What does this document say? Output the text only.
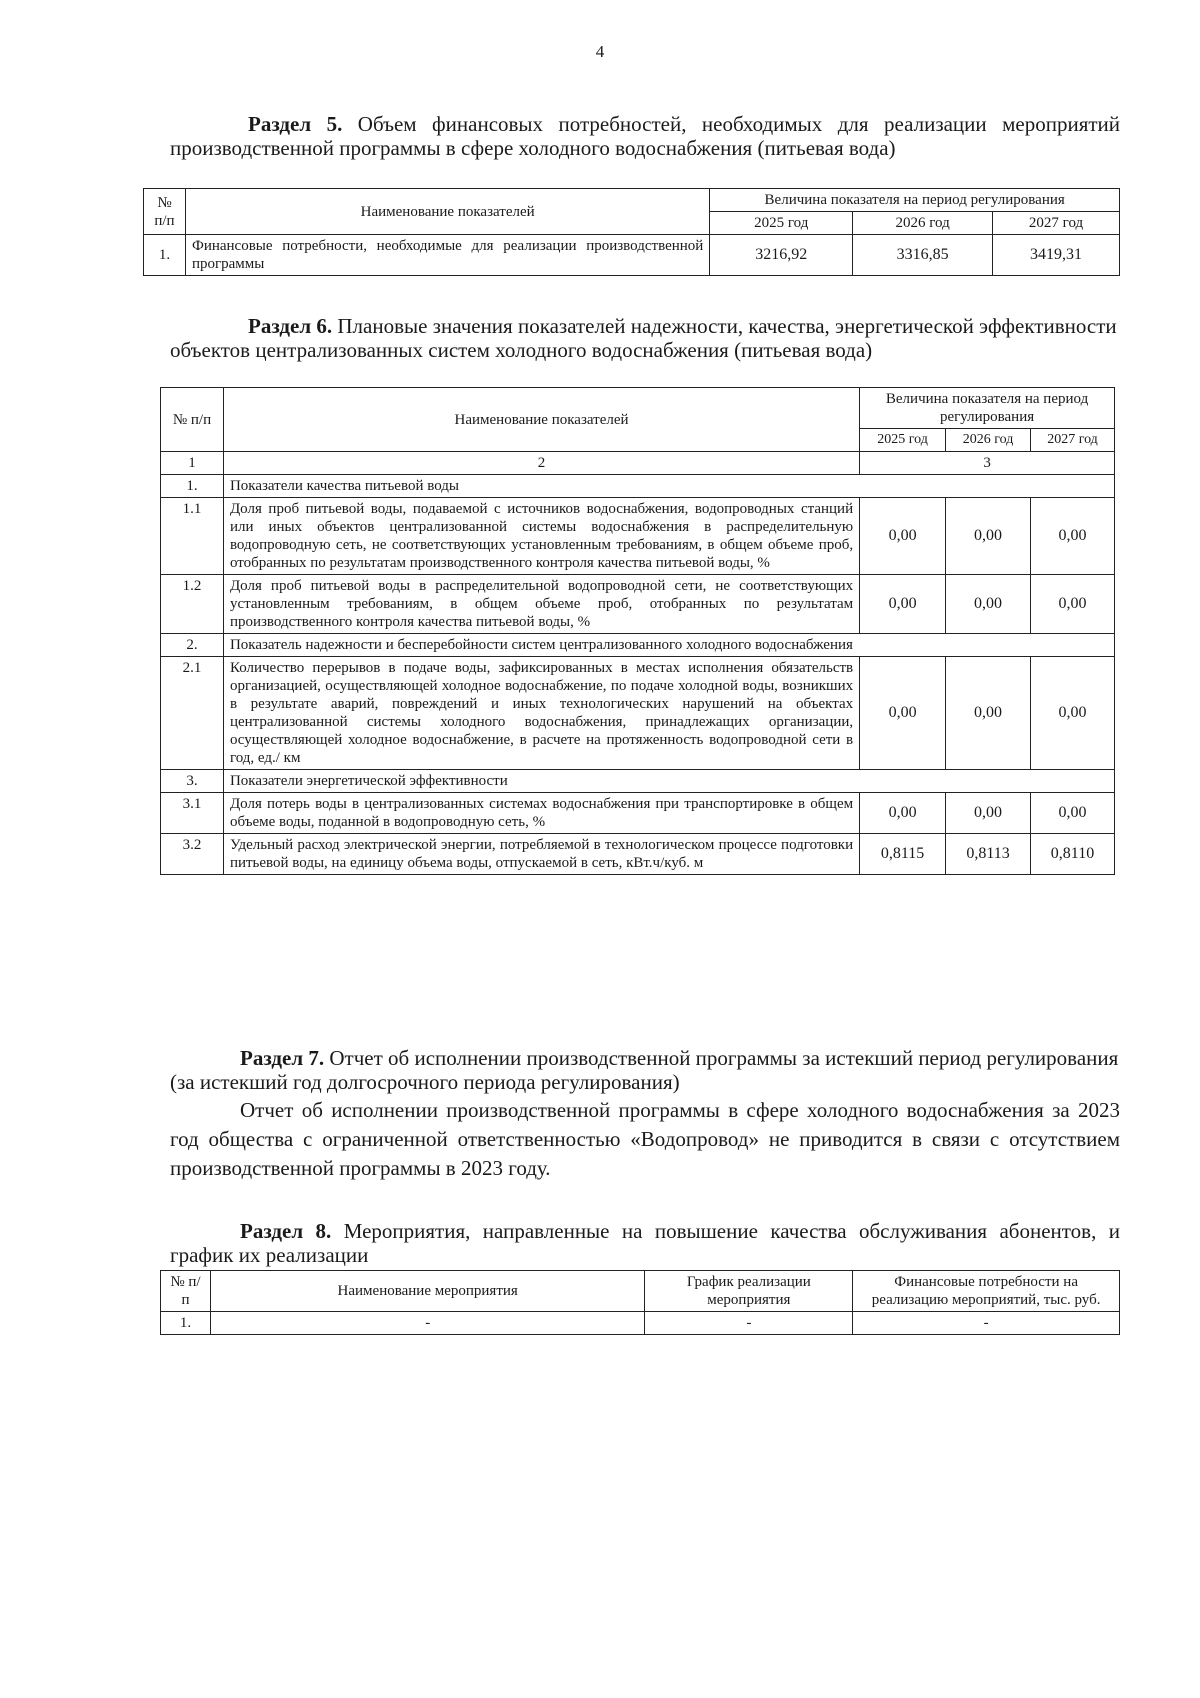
4
Раздел 5. Объем финансовых потребностей, необходимых для реализации мероприятий производственной программы в сфере холодного водоснабжения (питьевая вода)
№ п/п	Наименование показателей	Величина показателя на период регулирования		
		2025 год	2026 год	2027 год
1.	Финансовые потребности, необходимые для реализации производственной программы	3216,92	3316,85	3419,31
Раздел 6. Плановые значения показателей надежности, качества, энергетической эффективности объектов централизованных систем холодного водоснабжения (питьевая вода)
№ п/п	Наименование показателей	Величина показателя на период регулирования		
		2025 год	2026 год	2027 год
1	2	3		
1.	Показатели качества питьевой воды			
1.1	Доля проб питьевой воды, подаваемой с источников водоснабжения, водопроводных станций или иных объектов централизованной системы водоснабжения в распределительную водопроводную сеть, не соответствующих установленным требованиям, в общем объеме проб, отобранных по результатам производственного контроля качества питьевой воды, %	0,00	0,00	0,00
1.2	Доля проб питьевой воды в распределительной водопроводной сети, не соответствующих установленным требованиям, в общем объеме проб, отобранных по результатам производственного контроля качества питьевой воды, %	0,00	0,00	0,00
2.	Показатель надежности и бесперебойности систем централизованного холодного водоснабжения			
2.1	Количество перерывов в подаче воды, зафиксированных в местах исполнения обязательств организацией, осуществляющей холодное водоснабжение, по подаче холодной воды, возникших в результате аварий, повреждений и иных технологических нарушений на объектах централизованной системы холодного водоснабжения, принадлежащих организации, осуществляющей холодное водоснабжение, в расчете на протяженность водопроводной сети в год, ед./ км	0,00	0,00	0,00
3.	Показатели энергетической эффективности			
3.1	Доля потерь воды в централизованных системах водоснабжения при транспортировке в общем объеме воды, поданной в водопроводную сеть, %	0,00	0,00	0,00
3.2	Удельный расход электрической энергии, потребляемой в технологическом процессе подготовки питьевой воды, на единицу объема воды, отпускаемой в сеть, кВт.ч/куб. м	0,8115	0,8113	0,8110
Раздел 7. Отчет об исполнении производственной программы за истекший период регулирования (за истекший год долгосрочного периода регулирования)
Отчет об исполнении производственной программы в сфере холодного водоснабжения за 2023 год общества с ограниченной ответственностью «Водопровод» не приводится в связи с отсутствием производственной программы в 2023 году.
Раздел 8. Мероприятия, направленные на повышение качества обслуживания абонентов, и график их реализации
№ п/п	Наименование мероприятия	График реализации мероприятия	Финансовые потребности на реализацию мероприятий, тыс. руб.
1.	-	-	-
